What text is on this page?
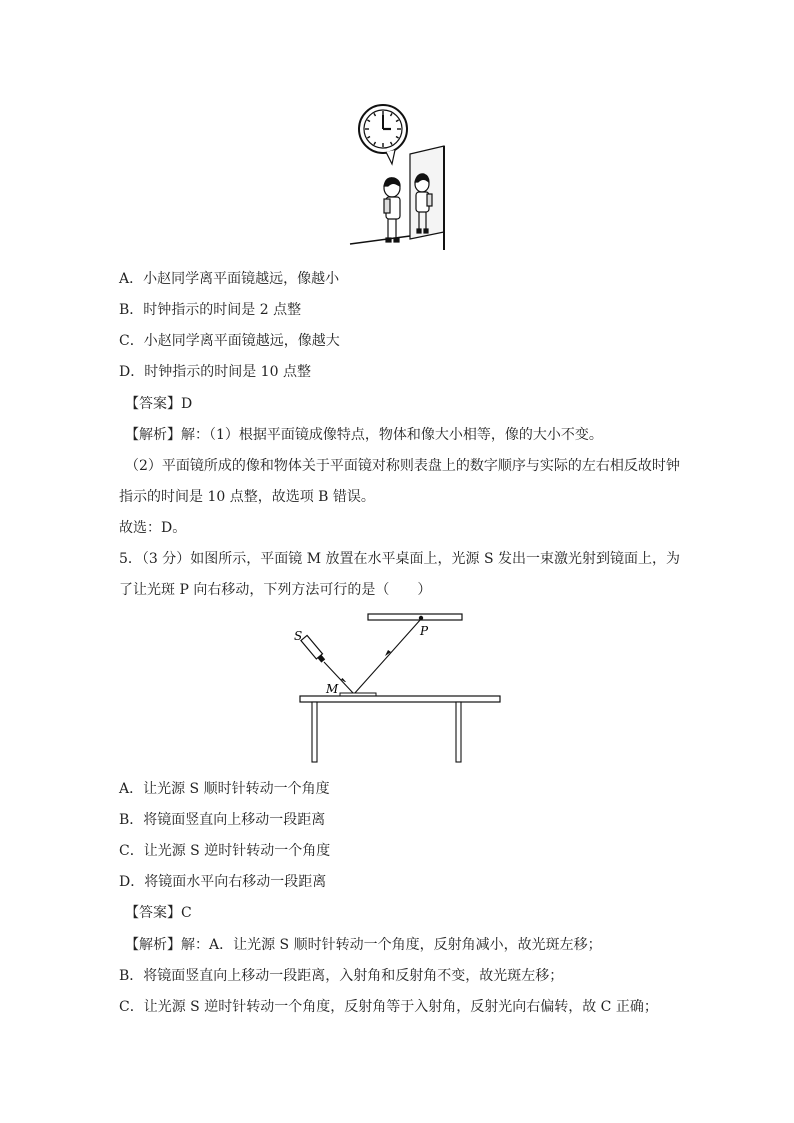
A．小赵同学离平面镜越远，像越小
B．时钟指示的时间是 2 点整
C．小赵同学离平面镜越远，像越大
D．时钟指示的时间是 10 点整
【答案】D
【解析】解：（1）根据平面镜成像特点，物体和像大小相等，像的大小不变。
（2）平面镜所成的像和物体关于平面镜对称则表盘上的数字顺序与实际的左右相反故时钟
指示的时间是 10 点整，故选项 B 错误。
故选：D。
5．（3 分）如图所示，平面镜 M 放置在水平桌面上，光源 S 发出一束激光射到镜面上，为
了让光斑 P 向右移动，下列方法可行的是（　　）
P
S
M
A．让光源 S 顺时针转动一个角度
B．将镜面竖直向上移动一段距离
C．让光源 S 逆时针转动一个角度
D．将镜面水平向右移动一段距离
【答案】C
【解析】解：A．让光源 S 顺时针转动一个角度，反射角减小，故光斑左移；
B．将镜面竖直向上移动一段距离，入射角和反射角不变，故光斑左移；
C．让光源 S 逆时针转动一个角度，反射角等于入射角，反射光向右偏转，故 C 正确；
